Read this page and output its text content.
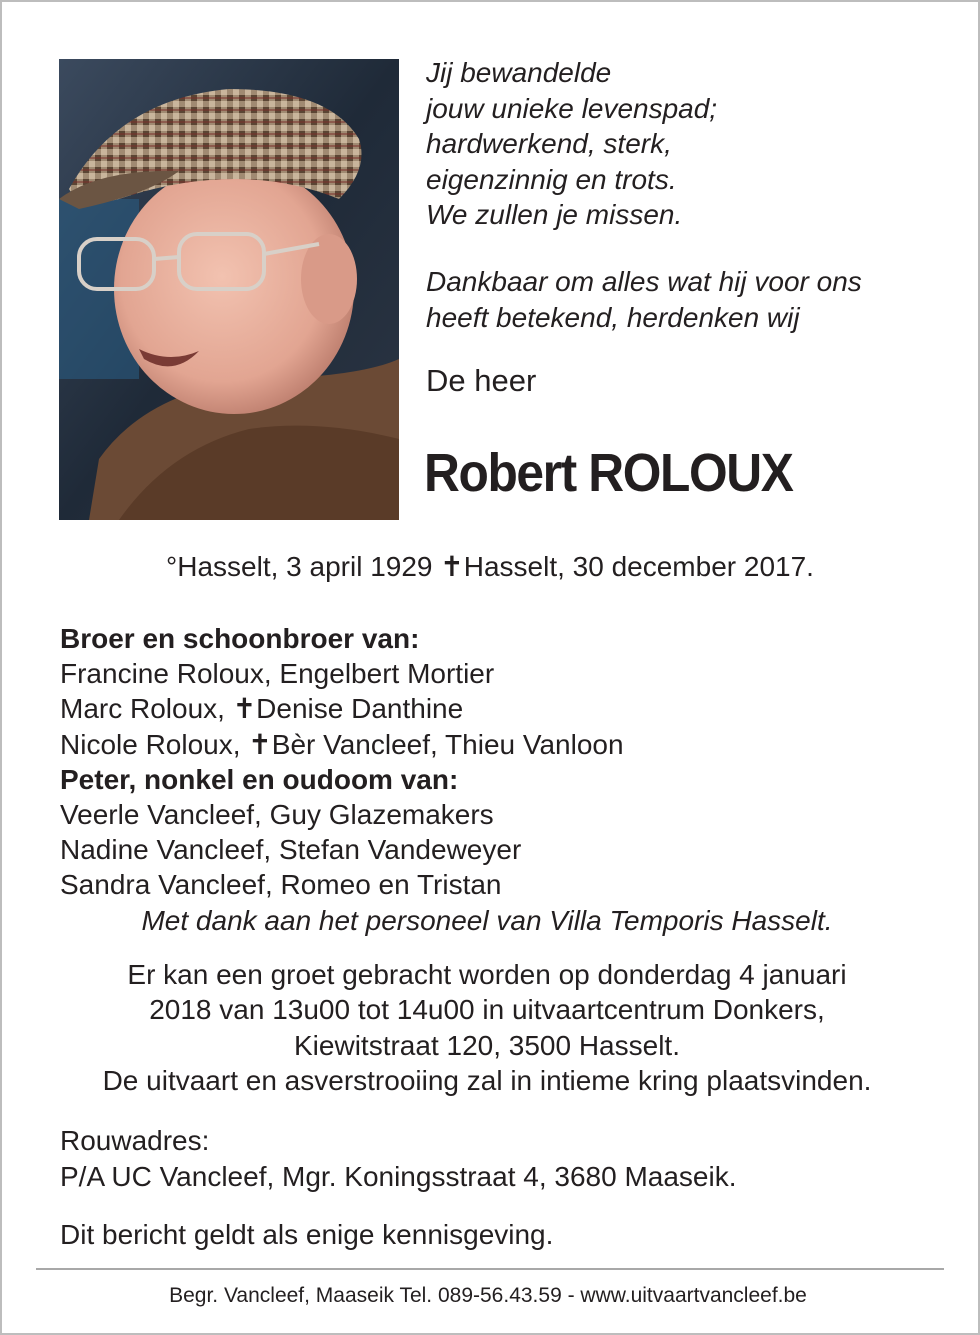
Jij bewandelde
jouw unieke levenspad;
hardwerkend, sterk,
eigenzinnig en trots.
We zullen je missen.
Dankbaar om alles wat hij voor ons
heeft betekend, herdenken wij
De heer
Robert ROLOUX
°Hasselt, 3 april 1929 ✝Hasselt, 30 december 2017.
Broer en schoonbroer van:
Francine Roloux, Engelbert Mortier
Marc Roloux, ✝Denise Danthine
Nicole Roloux, ✝Bèr Vancleef, Thieu Vanloon
Peter, nonkel en oudoom van:
Veerle Vancleef, Guy Glazemakers
Nadine Vancleef, Stefan Vandeweyer
Sandra Vancleef, Romeo en Tristan
Met dank aan het personeel van Villa Temporis Hasselt.
Er kan een groet gebracht worden op donderdag 4 januari
2018 van 13u00 tot 14u00 in uitvaartcentrum Donkers,
Kiewitstraat 120, 3500 Hasselt.
De uitvaart en asverstrooiing zal in intieme kring plaatsvinden.
Rouwadres:
P/A UC Vancleef, Mgr. Koningsstraat 4, 3680 Maaseik.
Dit bericht geldt als enige kennisgeving.
Begr. Vancleef, Maaseik Tel. 089-56.43.59 - www.uitvaartvancleef.be
